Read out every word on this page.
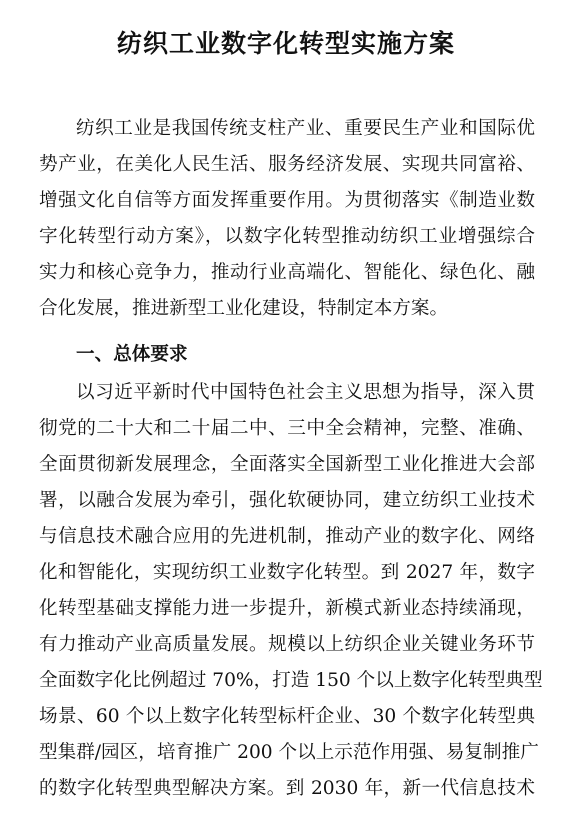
纺织工业数字化转型实施方案

纺织工业是我国传统支柱产业、重要民生产业和国际优

势产业，在美化人民生活、服务经济发展、实现共同富裕、

增强文化自信等方面发挥重要作用。为贯彻落实《制造业数

字化转型行动方案》，以数字化转型推动纺织工业增强综合

实力和核心竞争力，推动行业高端化、智能化、绿色化、融

合化发展，推进新型工业化建设，特制定本方案。

一、总体要求

以习近平新时代中国特色社会主义思想为指导，深入贯

彻党的二十大和二十届二中、三中全会精神，完整、准确、

全面贯彻新发展理念，全面落实全国新型工业化推进大会部

署，以融合发展为牵引，强化软硬协同，建立纺织工业技术

与信息技术融合应用的先进机制，推动产业的数字化、网络

化和智能化，实现纺织工业数字化转型。到 2027 年，数字

化转型基础支撑能力进一步提升，新模式新业态持续涌现，

有力推动产业高质量发展。规模以上纺织企业关键业务环节

全面数字化比例超过 70%，打造 150 个以上数字化转型典型

场景、60 个以上数字化转型标杆企业、30 个数字化转型典

型集群/园区，培育推广 200 个以上示范作用强、易复制推广

的数字化转型典型解决方案。到 2030 年，新一代信息技术
